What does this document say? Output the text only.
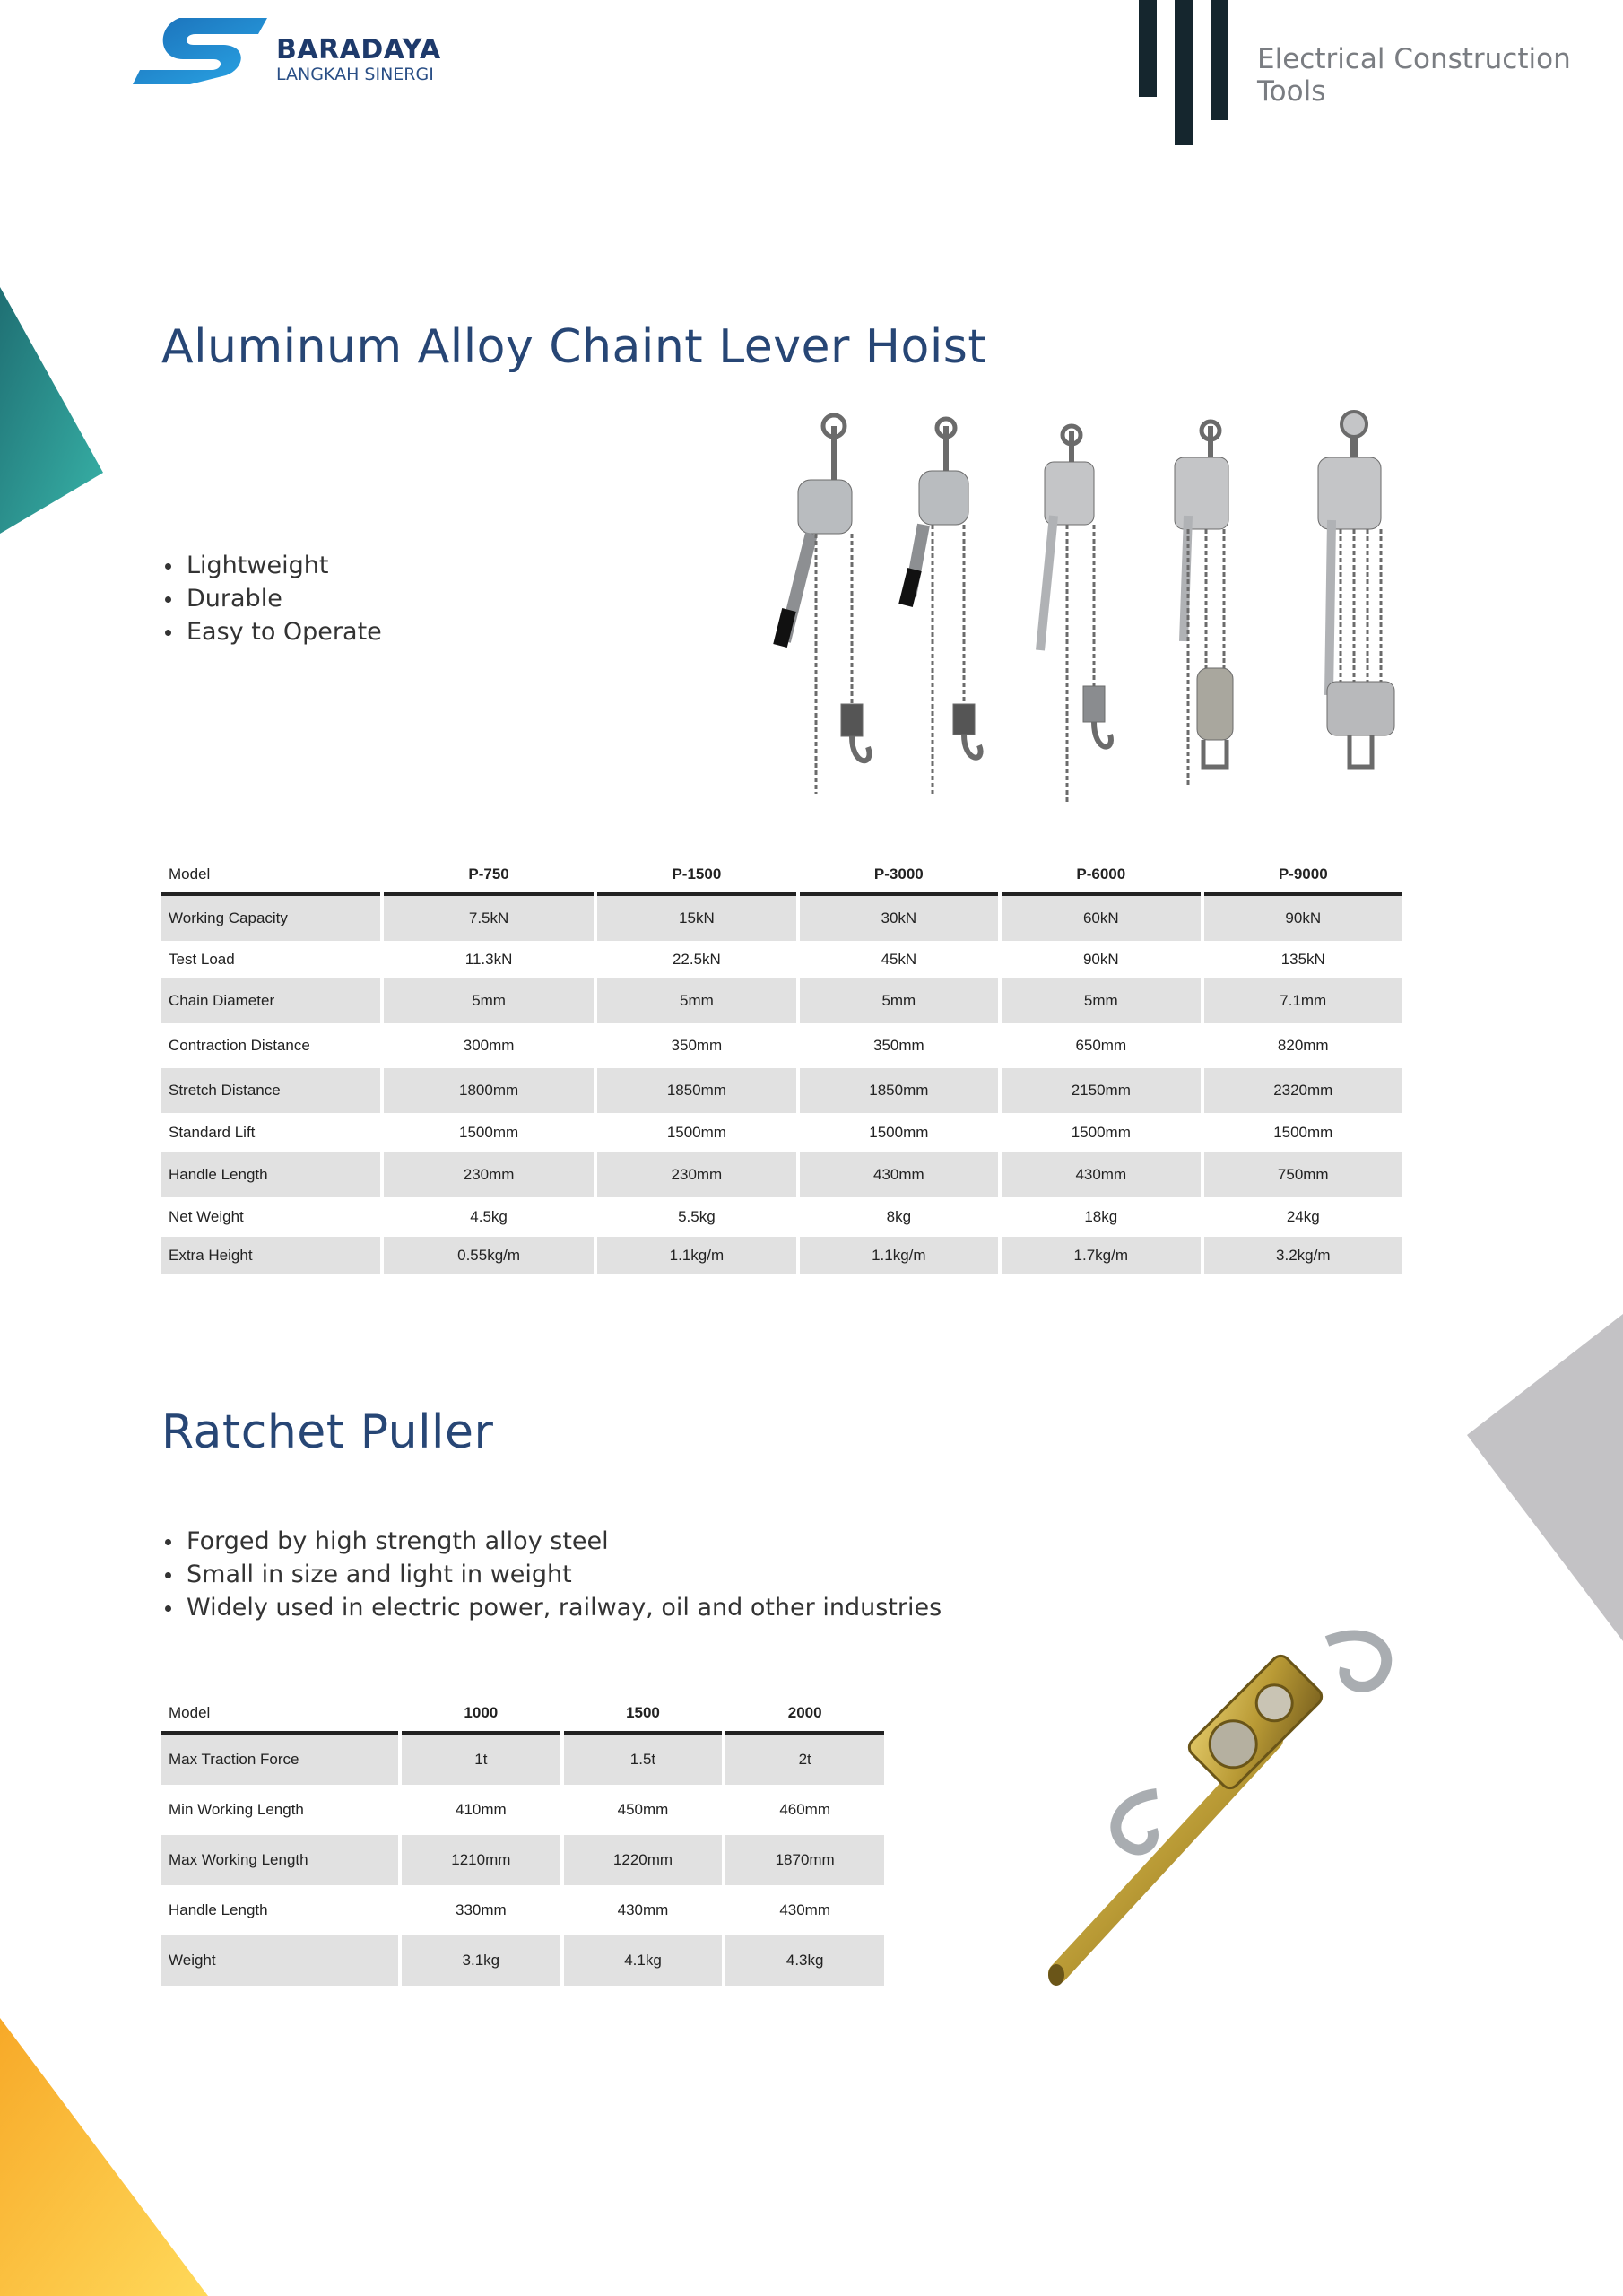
BARADAYA
LANGKAH SINERGI	Electrical Construction Tools
Aluminum Alloy Chaint Lever Hoist
Lightweight
Durable
Easy to Operate
Model	P-750	P-1500	P-3000	P-6000	P-9000
Working Capacity	7.5kN	15kN	30kN	60kN	90kN
Test Load	11.3kN	22.5kN	45kN	90kN	135kN
Chain Diameter	5mm	5mm	5mm	5mm	7.1mm
Contraction Distance	300mm	350mm	350mm	650mm	820mm
Stretch Distance	1800mm	1850mm	1850mm	2150mm	2320mm
Standard Lift	1500mm	1500mm	1500mm	1500mm	1500mm
Handle Length	230mm	230mm	430mm	430mm	750mm
Net Weight	4.5kg	5.5kg	8kg	18kg	24kg
Extra Height	0.55kg/m	1.1kg/m	1.1kg/m	1.7kg/m	3.2kg/m
Ratchet Puller
Forged by high strength alloy steel
Small in size and light in weight
Widely used in electric power, railway, oil and other industries
Model	1000	1500	2000
Max Traction Force	1t	1.5t	2t
Min Working Length	410mm	450mm	460mm
Max Working Length	1210mm	1220mm	1870mm
Handle Length	330mm	430mm	430mm
Weight	3.1kg	4.1kg	4.3kg
